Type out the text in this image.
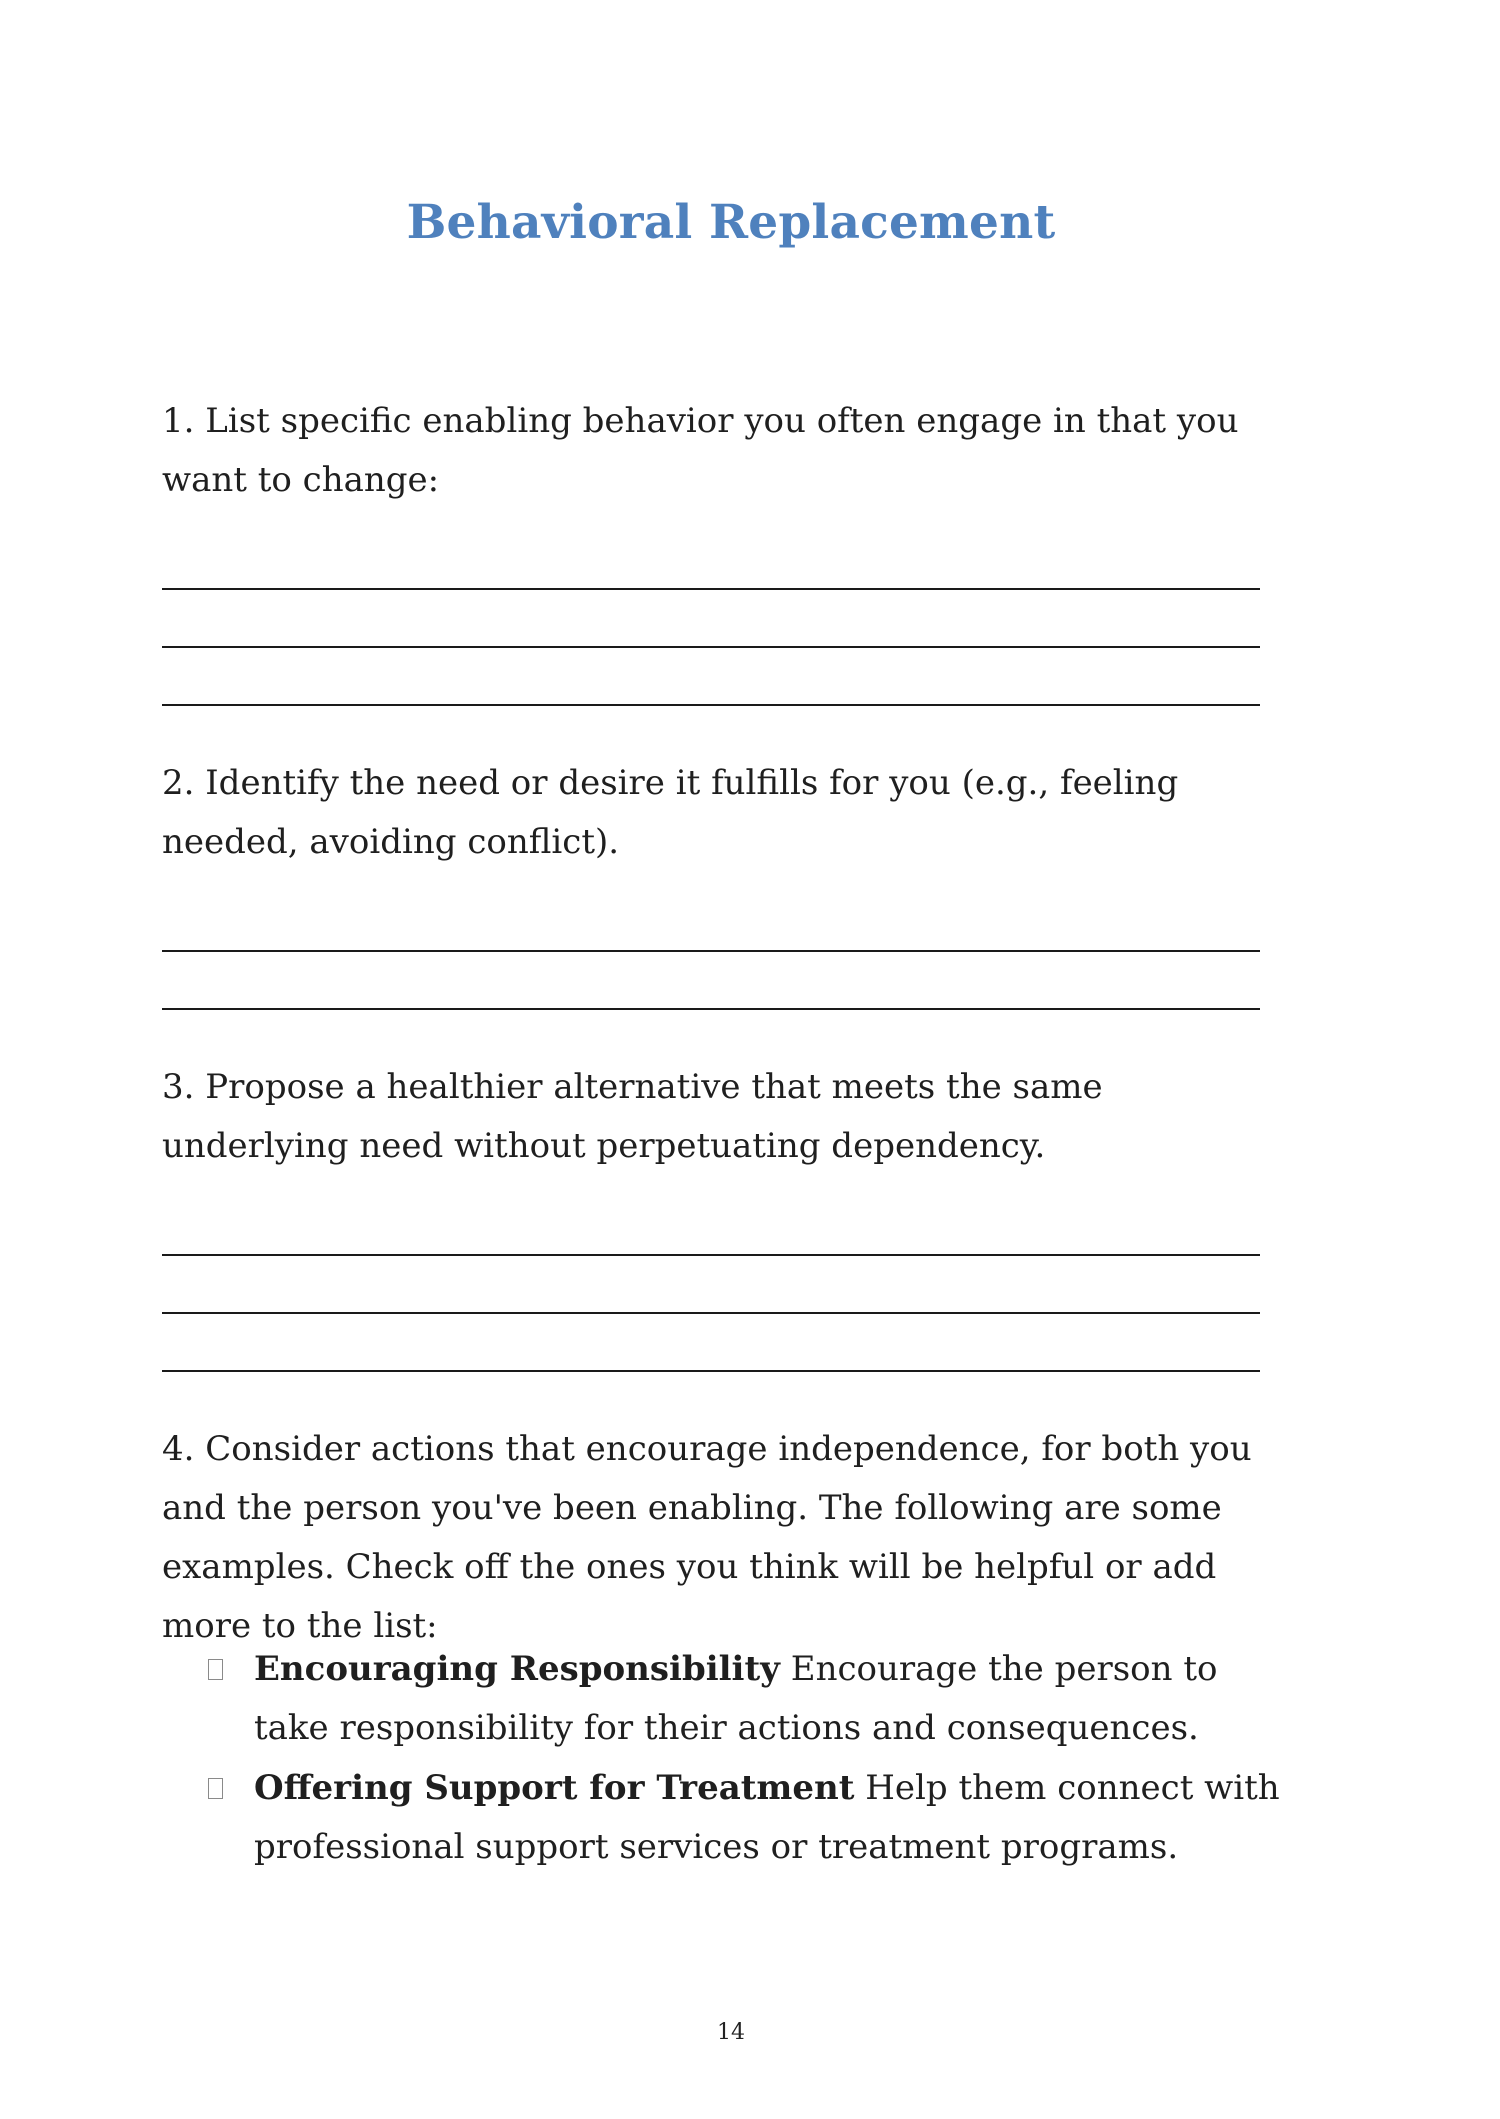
Behavioral Replacement

1. List specific enabling behavior you often engage in that you want to change:

2. Identify the need or desire it fulfills for you (e.g., feeling needed, avoiding conflict).

3. Propose a healthier alternative that meets the same underlying need without perpetuating dependency.

4. Consider actions that encourage independence, for both you and the person you've been enabling. The following are some examples. Check off the ones you think will be helpful or add more to the list:

Encouraging Responsibility Encourage the person to take responsibility for their actions and consequences.
Offering Support for Treatment Help them connect with professional support services or treatment programs.
14
